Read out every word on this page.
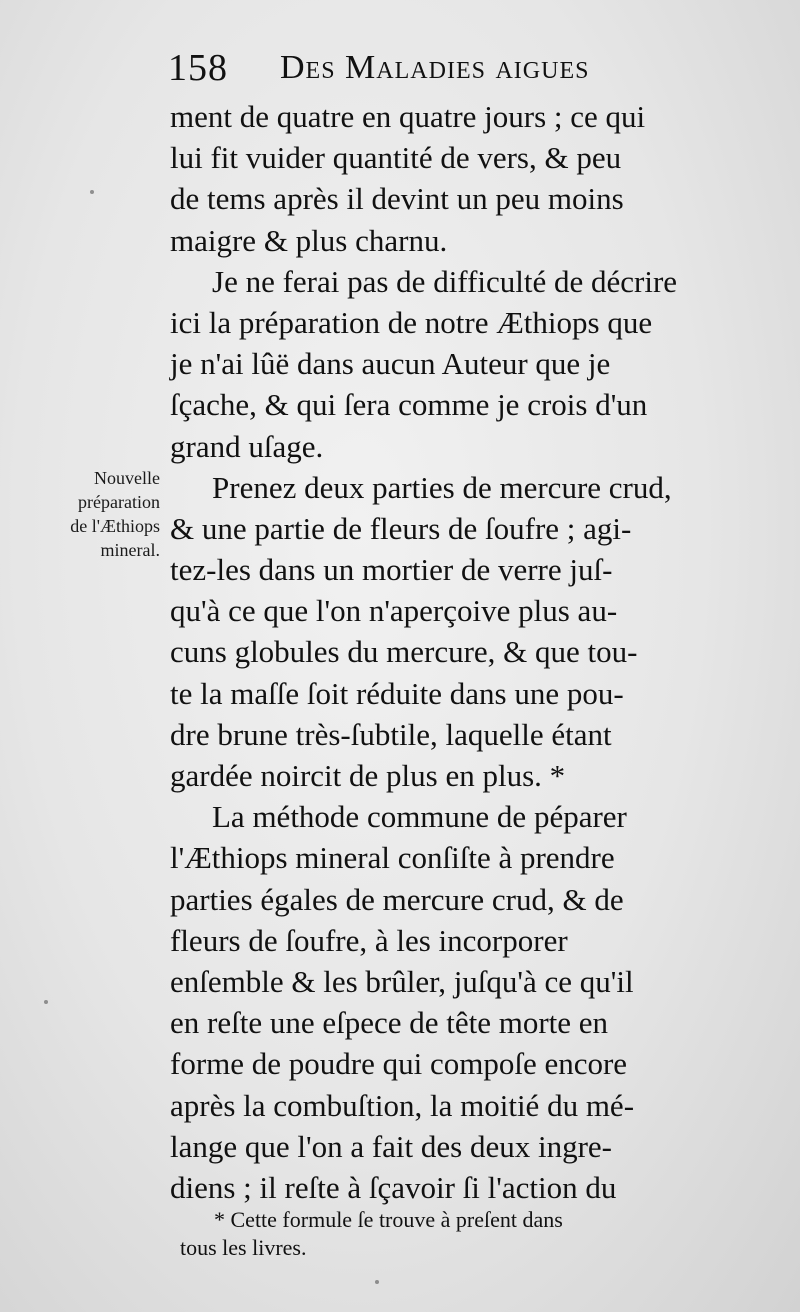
158 Des Maladies aigues
Nouvelle
préparation
de l'Æthiops
mineral.
ment de quatre en quatre jours ; ce qui
lui fit vuider quantité de vers, & peu
de tems après il devint un peu moins
maigre & plus charnu.
Je ne ferai pas de difficulté de décrire
ici la préparation de notre Æthiops que
je n'ai lûë dans aucun Auteur que je
ſçache, & qui ſera comme je crois d'un
grand uſage.
Prenez deux parties de mercure crud,
& une partie de fleurs de ſoufre ; agi-
tez-les dans un mortier de verre juſ-
qu'à ce que l'on n'aperçoive plus au-
cuns globules du mercure, & que tou-
te la maſſe ſoit réduite dans une pou-
dre brune très-ſubtile, laquelle étant
gardée noircit de plus en plus. *
La méthode commune de péparer
l'Æthiops mineral conſiſte à prendre
parties égales de mercure crud, & de
fleurs de ſoufre, à les incorporer
enſemble & les brûler, juſqu'à ce qu'il
en reſte une eſpece de tête morte en
forme de poudre qui compoſe encore
après la combuſtion, la moitié du mé-
lange que l'on a fait des deux ingre-
diens ; il reſte à ſçavoir ſi l'action du
* Cette formule ſe trouve à preſent dans
tous les livres.
